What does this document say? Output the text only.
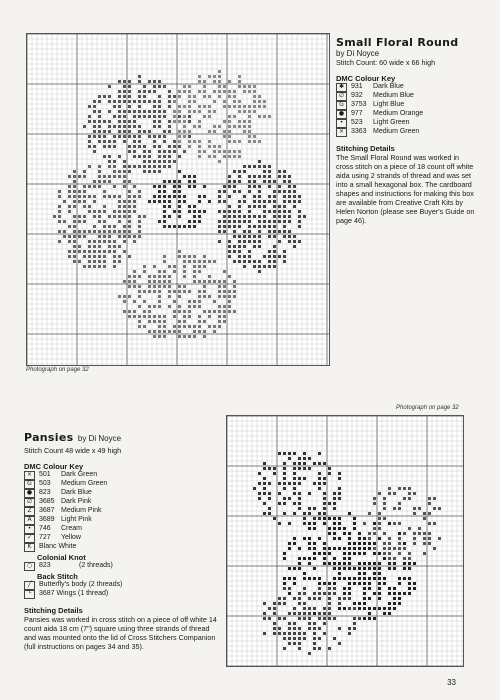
Photograph on page 32
Small Floral Round
by Di Noyce
Stitch Count: 60 wide x 66 high
DMC Colour Key
✱ 931	Dark Blue
∅ 932	Medium Blue
G	3753 Light Blue
● 977	Medium Orange
•	523	Light Green
× 3363 Medium Green
Stitching Details
The Small Floral Round was worked in cross stitch on a piece of 18 count off white aida using 2 strands of thread and was set into a small hexagonal box. The cardboard shapes and instructions for making this box are available from Creative Craft Kits by Helen Norton (please see Buyer's Guide on page 46).
Photograph on page 32
Pansies by Di Noyce
Stitch Count 48 wide x 49 high
DMC Colour Key
× 501	Dark Green
G	503	Medium Green
● 823	Dark Blue
∅ 3685 Dark Pink
Z	3687 Medium Pink
A	3689 Light Pink
•	746	Cream
✓ 727	Yellow
K	Blanc White
Colonial Knot
○ 823	(2 threads)
Back Stitch
╱	Butterfly's body (2 threads)
└	3687 Wings (1 thread)
Stitching Details
Pansies was worked in cross stitch on a piece of off white 14 count aida 18 cm (7") square using three strands of thread and was mounted onto the lid of Cross Stitchers Companion (full instructions on pages 34 and 35).
33
